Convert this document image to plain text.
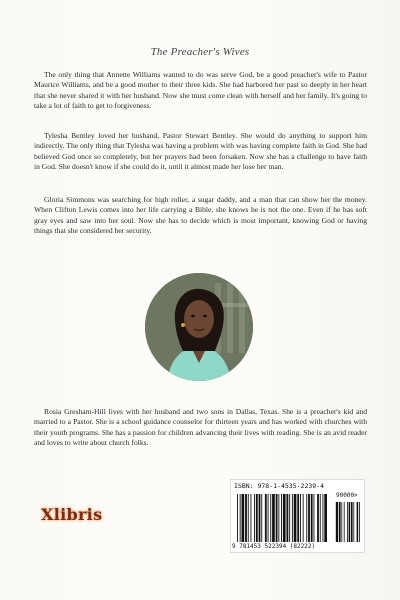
The Preacher's Wives

The only thing that Annette Williams wanted to do was serve God, be a good preacher's wife to Pastor Maurice Williams, and be a good mother to their three kids. She had harbored her past so deeply in her heart that she never shared it with her husband. Now she must come clean with herself and her family. It's going to take a lot of faith to get to forgiveness.

Tylesha Bentley loved her husband, Pastor Stewart Bentley. She would do anything to support him indirectly. The only thing that Tylesha was having a problem with was having complete faith in God. She had believed God once so completely, but her prayers had been forsaken. Now she has a challenge to have faith in God. She doesn't know if she could do it, until it almost made her lose her man.

Gloria Simmons was searching for high roller, a sugar daddy, and a man that can show her the money. When Clifton Lewis comes into her life carrying a Bible, she knows he is not the one. Even if he has soft gray eyes and saw into her soul. Now she has to decide which is most important, knowing God or having things that she considered her security.

Rosia Gresham-Hill lives with her husband and two sons in Dallas, Texas. She is a preacher's kid and married to a Pastor. She is a school guidance counselor for thirteen years and has worked with churches with their youth programs. She has a passion for children advancing their lives with reading. She is an avid reader and loves to write about church folks.

ISBN: 978-1-4535-2239-4
90000>
9 781453 522394 (82222)
Xlibris
